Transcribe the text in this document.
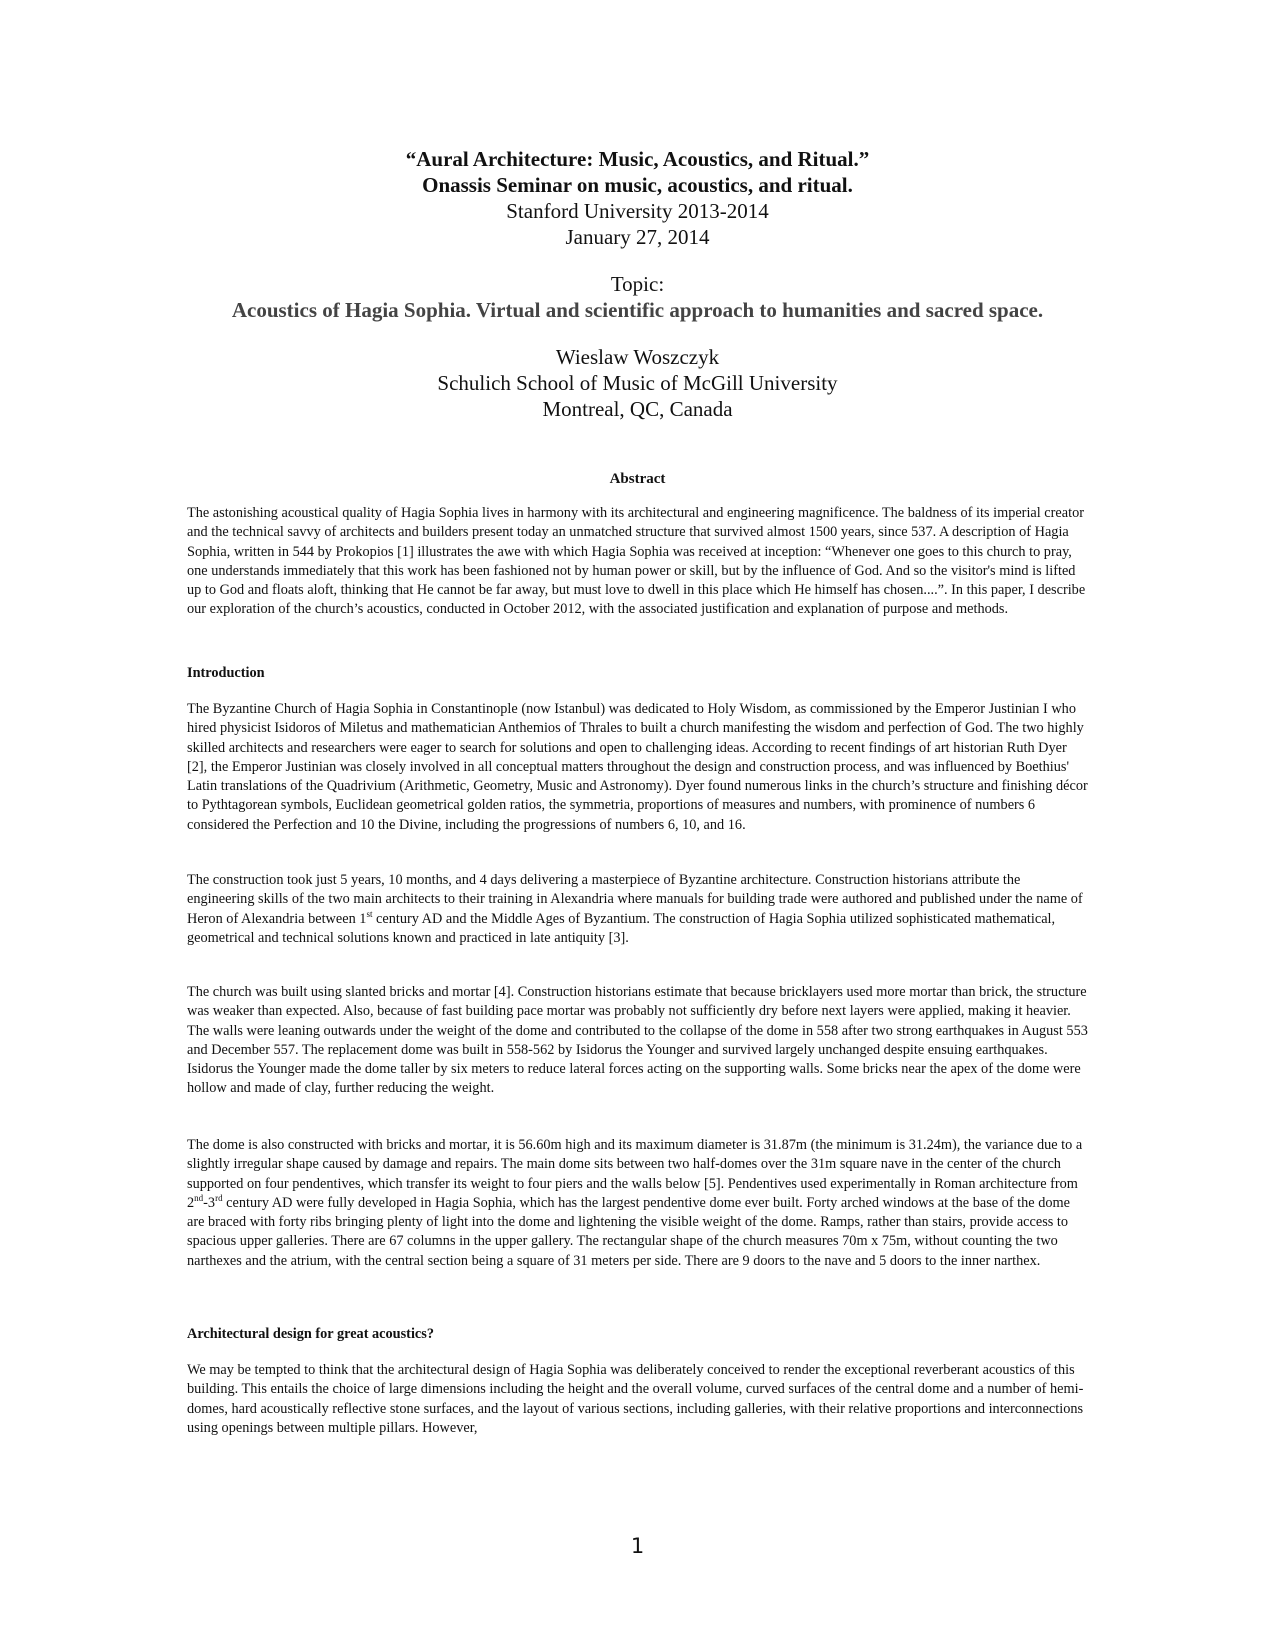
“Aural Architecture: Music, Acoustics, and Ritual.”
Onassis Seminar on music, acoustics, and ritual.
Stanford University 2013-2014
January 27, 2014
Topic:
Acoustics of Hagia Sophia. Virtual and scientific approach to humanities and sacred space.
Wieslaw Woszczyk
Schulich School of Music of McGill University
Montreal, QC, Canada
Abstract

The astonishing acoustical quality of Hagia Sophia lives in harmony with its architectural and engineering magnificence. The baldness of its imperial creator and the technical savvy of architects and builders present today an unmatched structure that survived almost 1500 years, since 537. A description of Hagia Sophia, written in 544 by Prokopios [1] illustrates the awe with which Hagia Sophia was received at inception: “Whenever one goes to this church to pray, one understands immediately that this work has been fashioned not by human power or skill, but by the influence of God. And so the visitor's mind is lifted up to God and floats aloft, thinking that He cannot be far away, but must love to dwell in this place which He himself has chosen....”. In this paper, I describe our exploration of the church’s acoustics, conducted in October 2012, with the associated justification and explanation of purpose and methods.

Introduction

The Byzantine Church of Hagia Sophia in Constantinople (now Istanbul) was dedicated to Holy Wisdom, as commissioned by the Emperor Justinian I who hired physicist Isidoros of Miletus and mathematician Anthemios of Thrales to built a church manifesting the wisdom and perfection of God. The two highly skilled architects and researchers were eager to search for solutions and open to challenging ideas. According to recent findings of art historian Ruth Dyer [2], the Emperor Justinian was closely involved in all conceptual matters throughout the design and construction process, and was influenced by Boethius' Latin translations of the Quadrivium (Arithmetic, Geometry, Music and Astronomy). Dyer found numerous links in the church’s structure and finishing décor to Pythtagorean symbols, Euclidean geometrical golden ratios, the symmetria, proportions of measures and numbers, with prominence of numbers 6 considered the Perfection and 10 the Divine, including the progressions of numbers 6, 10, and 16.

The construction took just 5 years, 10 months, and 4 days delivering a masterpiece of Byzantine architecture. Construction historians attribute the engineering skills of the two main architects to their training in Alexandria where manuals for building trade were authored and published under the name of Heron of Alexandria between 1st century AD and the Middle Ages of Byzantium. The construction of Hagia Sophia utilized sophisticated mathematical, geometrical and technical solutions known and practiced in late antiquity [3].

The church was built using slanted bricks and mortar [4]. Construction historians estimate that because bricklayers used more mortar than brick, the structure was weaker than expected. Also, because of fast building pace mortar was probably not sufficiently dry before next layers were applied, making it heavier. The walls were leaning outwards under the weight of the dome and contributed to the collapse of the dome in 558 after two strong earthquakes in August 553 and December 557. The replacement dome was built in 558-562 by Isidorus the Younger and survived largely unchanged despite ensuing earthquakes. Isidorus the Younger made the dome taller by six meters to reduce lateral forces acting on the supporting walls. Some bricks near the apex of the dome were hollow and made of clay, further reducing the weight.

The dome is also constructed with bricks and mortar, it is 56.60m high and its maximum diameter is 31.87m (the minimum is 31.24m), the variance due to a slightly irregular shape caused by damage and repairs. The main dome sits between two half-domes over the 31m square nave in the center of the church supported on four pendentives, which transfer its weight to four piers and the walls below [5]. Pendentives used experimentally in Roman architecture from 2nd-3rd century AD were fully developed in Hagia Sophia, which has the largest pendentive dome ever built. Forty arched windows at the base of the dome are braced with forty ribs bringing plenty of light into the dome and lightening the visible weight of the dome. Ramps, rather than stairs, provide access to spacious upper galleries. There are 67 columns in the upper gallery. The rectangular shape of the church measures 70m x 75m, without counting the two narthexes and the atrium, with the central section being a square of 31 meters per side. There are 9 doors to the nave and 5 doors to the inner narthex.

Architectural design for great acoustics?

We may be tempted to think that the architectural design of Hagia Sophia was deliberately conceived to render the exceptional reverberant acoustics of this building. This entails the choice of large dimensions including the height and the overall volume, curved surfaces of the central dome and a number of hemi-domes, hard acoustically reflective stone surfaces, and the layout of various sections, including galleries, with their relative proportions and interconnections using openings between multiple pillars. However,

1
